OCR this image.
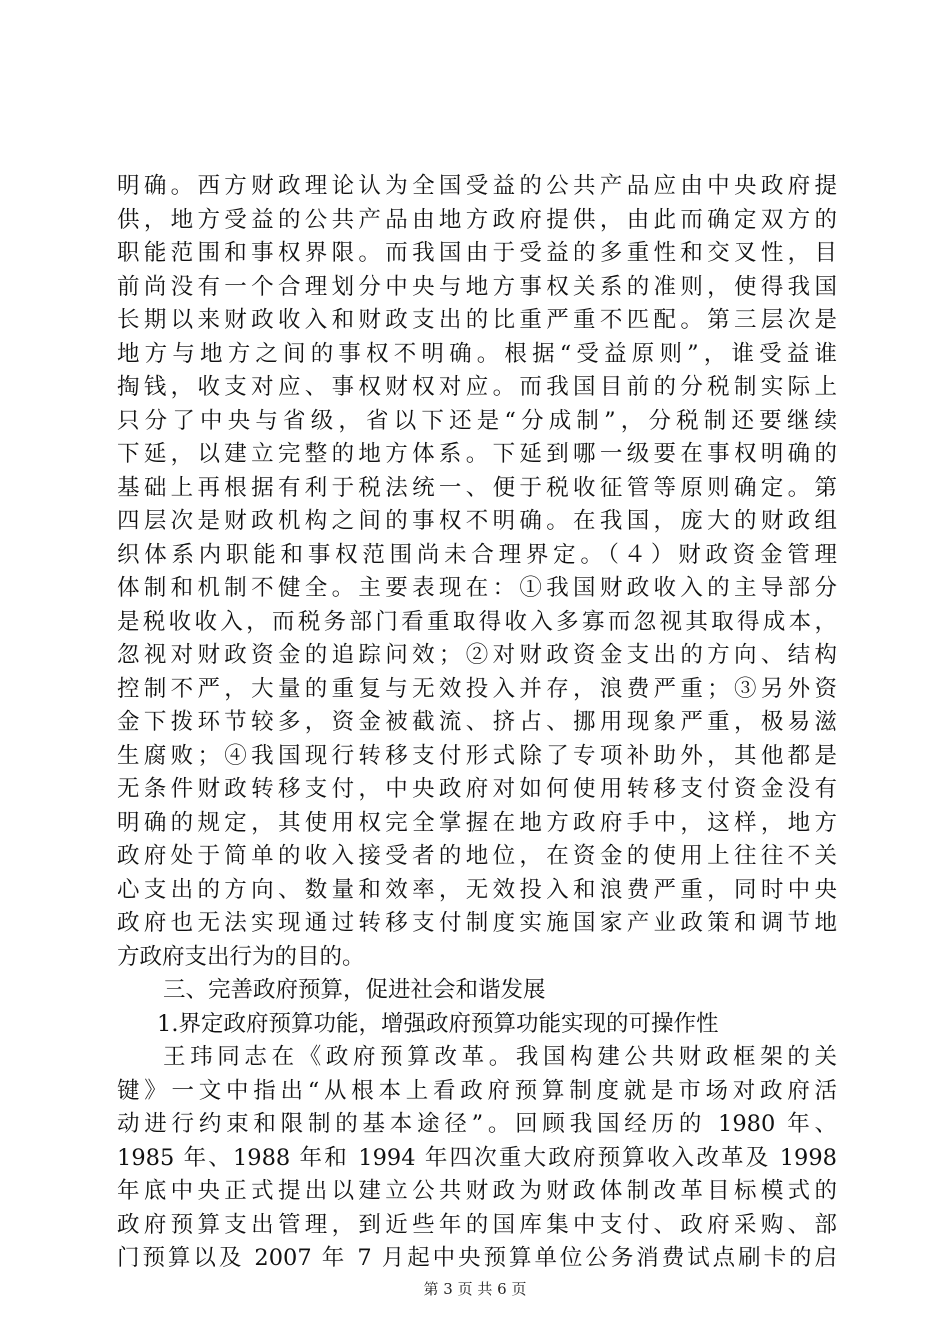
明确。西方财政理论认为全国受益的公共产品应由中央政府提
供，地方受益的公共产品由地方政府提供，由此而确定双方的
职能范围和事权界限。而我国由于受益的多重性和交叉性，目
前尚没有一个合理划分中央与地方事权关系的准则，使得我国
长期以来财政收入和财政支出的比重严重不匹配。第三层次是
地方与地方之间的事权不明确。根据“受益原则”，谁受益谁
掏钱，收支对应、事权财权对应。而我国目前的分税制实际上
只分了中央与省级，省以下还是“分成制”，分税制还要继续
下延，以建立完整的地方体系。下延到哪一级要在事权明确的
基础上再根据有利于税法统一、便于税收征管等原则确定。第
四层次是财政机构之间的事权不明确。在我国，庞大的财政组
织体系内职能和事权范围尚未合理界定。（４）财政资金管理
体制和机制不健全。主要表现在：①我国财政收入的主导部分
是税收收入，而税务部门看重取得收入多寡而忽视其取得成本，
忽视对财政资金的追踪问效；②对财政资金支出的方向、结构
控制不严，大量的重复与无效投入并存，浪费严重；③另外资
金下拨环节较多，资金被截流、挤占、挪用现象严重，极易滋
生腐败；④我国现行转移支付形式除了专项补助外，其他都是
无条件财政转移支付，中央政府对如何使用转移支付资金没有
明确的规定，其使用权完全掌握在地方政府手中，这样，地方
政府处于简单的收入接受者的地位，在资金的使用上往往不关
心支出的方向、数量和效率，无效投入和浪费严重，同时中央
政府也无法实现通过转移支付制度实施国家产业政策和调节地
方政府支出行为的目的。
三、完善政府预算，促进社会和谐发展
1.界定政府预算功能，增强政府预算功能实现的可操作性
王玮同志在《政府预算改革。我国构建公共财政框架的关
键》一文中指出“从根本上看政府预算制度就是市场对政府活
动进行约束和限制的基本途径”。回顾我国经历的 1980 年、
1985 年、1988 年和 1994 年四次重大政府预算收入改革及 1998
年底中央正式提出以建立公共财政为财政体制改革目标模式的
政府预算支出管理，到近些年的国库集中支付、政府采购、部
门预算以及 2007 年 7 月起中央预算单位公务消费试点刷卡的启
第 3 页 共 6 页
